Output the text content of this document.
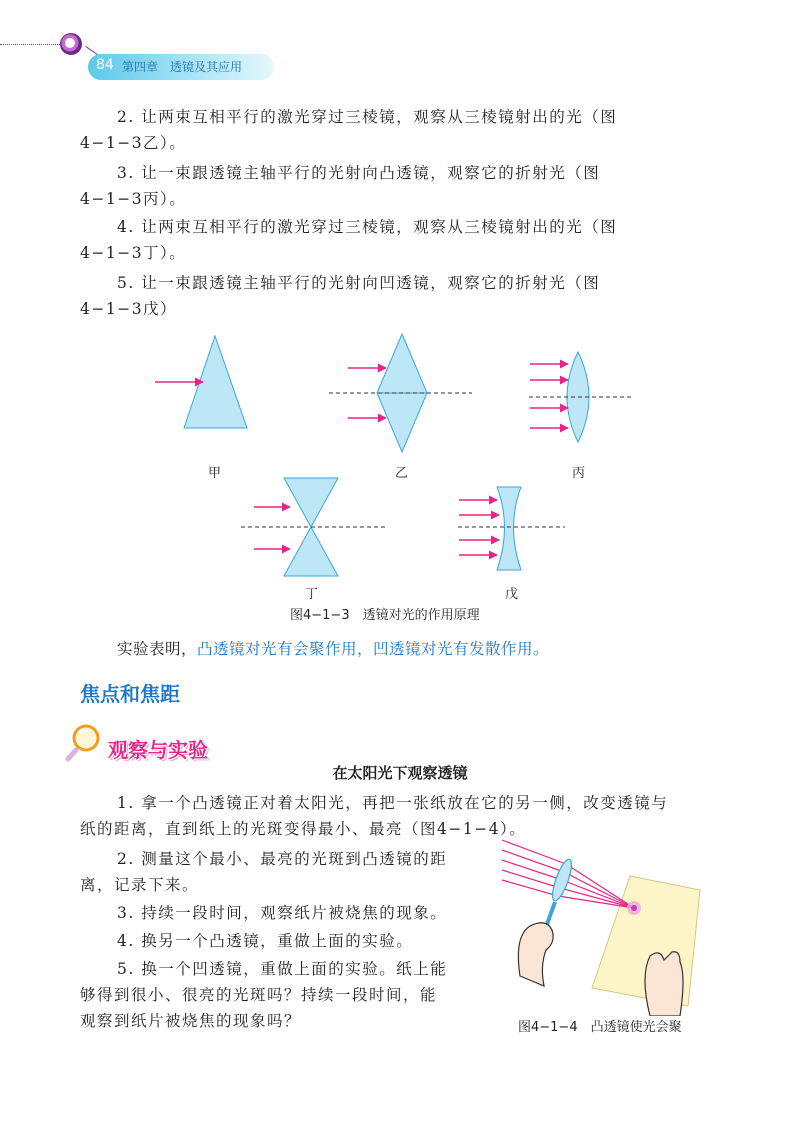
84 第四章　透镜及其应用
2. 让两束互相平行的激光穿过三棱镜，观察从三棱镜射出的光（图
4−1−3乙）。
3. 让一束跟透镜主轴平行的光射向凸透镜，观察它的折射光（图
4−1−3丙）。
4. 让两束互相平行的激光穿过三棱镜，观察从三棱镜射出的光（图
4−1−3丁）。
5. 让一束跟透镜主轴平行的光射向凹透镜，观察它的折射光（图
4−1−3戊）
甲	乙	丙
丁	戊
图4−1−3　透镜对光的作用原理
实验表明，凸透镜对光有会聚作用，凹透镜对光有发散作用。
焦点和焦距
观察与实验
在太阳光下观察透镜
1. 拿一个凸透镜正对着太阳光，再把一张纸放在它的另一侧，改变透镜与
纸的距离，直到纸上的光斑变得最小、最亮（图4−1−4）。
2. 测量这个最小、最亮的光斑到凸透镜的距
离，记录下来。
3. 持续一段时间，观察纸片被烧焦的现象。
4. 换另一个凸透镜，重做上面的实验。
5. 换一个凹透镜，重做上面的实验。纸上能
够得到很小、很亮的光斑吗？持续一段时间，能
观察到纸片被烧焦的现象吗？	图4−1−4　凸透镜使光会聚
